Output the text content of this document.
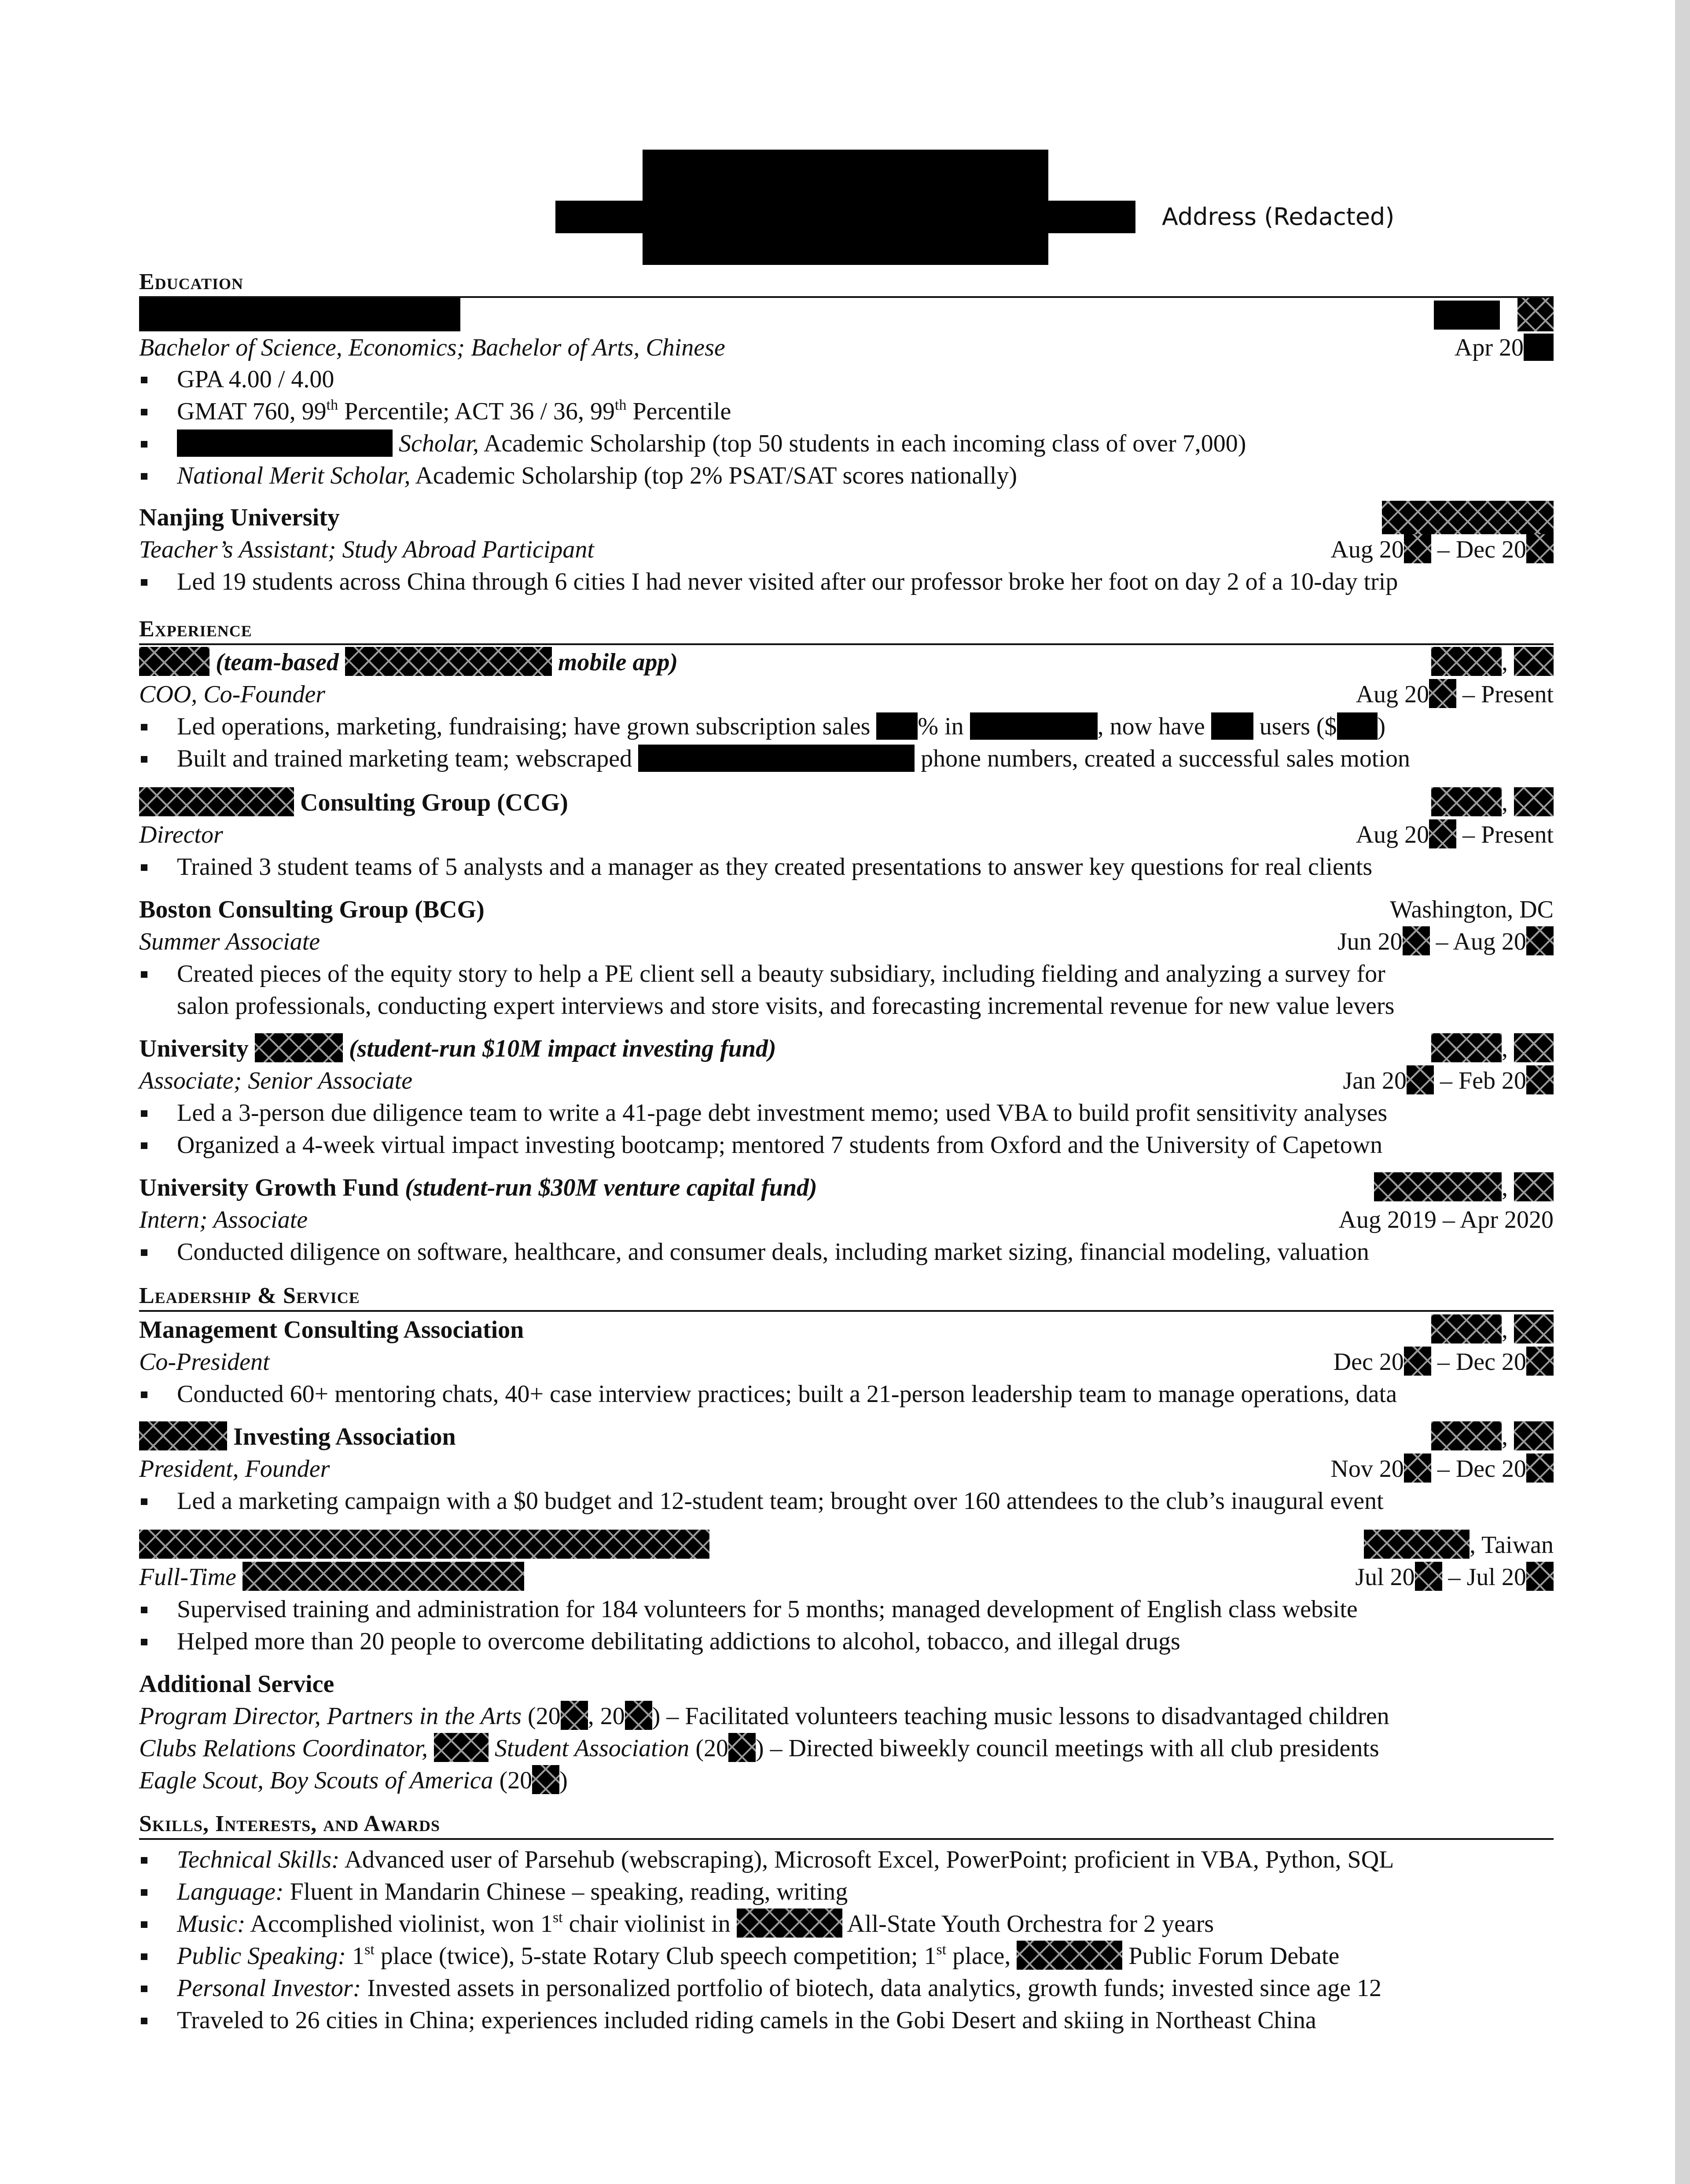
Address (Redacted)
Education
Bachelor of Science, Economics; Bachelor of Arts, Chinese	Apr 20
GPA 4.00 / 4.00
GMAT 760, 99th Percentile; ACT 36 / 36, 99th Percentile
Scholar, Academic Scholarship (top 50 students in each incoming class of over 7,000)
National Merit Scholar, Academic Scholarship (top 2% PSAT/SAT scores nationally)
Nanjing University
Teacher’s Assistant; Study Abroad Participant	Aug 20 – Dec 20
Led 19 students across China through 6 cities I had never visited after our professor broke her foot on day 2 of a 10-day trip
Experience
(team-based	mobile app)	,
COO, Co-Founder	Aug 20 – Present
Led operations, marketing, fundraising; have grown subscription sales % in	, now have  users ($ )
Built and trained marketing team; webscraped	phone numbers, created a successful sales motion
Consulting Group (CCG)	,
Director	Aug 20 – Present
Trained 3 student teams of 5 analysts and a manager as they created presentations to answer key questions for real clients
Boston Consulting Group (BCG)	Washington, DC
Summer Associate	Jun 20 – Aug 20
Created pieces of the equity story to help a PE client sell a beauty subsidiary, including fielding and analyzing a survey for
salon professionals, conducting expert interviews and store visits, and forecasting incremental revenue for new value levers
University	(student-run $10M impact investing fund)	,
Associate; Senior Associate	Jan 20 – Feb 20
Led a 3-person due diligence team to write a 41-page debt investment memo; used VBA to build profit sensitivity analyses
Organized a 4-week virtual impact investing bootcamp; mentored 7 students from Oxford and the University of Capetown
University Growth Fund (student-run $30M venture capital fund)	,
Intern; Associate	Aug 2019 – Apr 2020
Conducted diligence on software, healthcare, and consumer deals, including market sizing, financial modeling, valuation
Leadership & Service
Management Consulting Association	,
Co-President	Dec 20 – Dec 20
Conducted 60+ mentoring chats, 40+ case interview practices; built a 21-person leadership team to manage operations, data
Investing Association	,
President, Founder	Nov 20 – Dec 20
Led a marketing campaign with a $0 budget and 12-student team; brought over 160 attendees to the club’s inaugural event
, Taiwan
Full-Time	Jul 20 – Jul 20
Supervised training and administration for 184 volunteers for 5 months; managed development of English class website
Helped more than 20 people to overcome debilitating addictions to alcohol, tobacco, and illegal drugs
Additional Service
Program Director, Partners in the Arts (20 , 20 ) – Facilitated volunteers teaching music lessons to disadvantaged children
Clubs Relations Coordinator,	Student Association (20 ) – Directed biweekly council meetings with all club presidents
Eagle Scout, Boy Scouts of America (20 )
Skills, Interests, and Awards
Technical Skills: Advanced user of Parsehub (webscraping), Microsoft Excel, PowerPoint; proficient in VBA, Python, SQL
Language: Fluent in Mandarin Chinese – speaking, reading, writing
Music: Accomplished violinist, won 1st chair violinist in	All-State Youth Orchestra for 2 years
Public Speaking: 1st place (twice), 5-state Rotary Club speech competition; 1st place,	Public Forum Debate
Personal Investor: Invested assets in personalized portfolio of biotech, data analytics, growth funds; invested since age 12
Traveled to 26 cities in China; experiences included riding camels in the Gobi Desert and skiing in Northeast China
